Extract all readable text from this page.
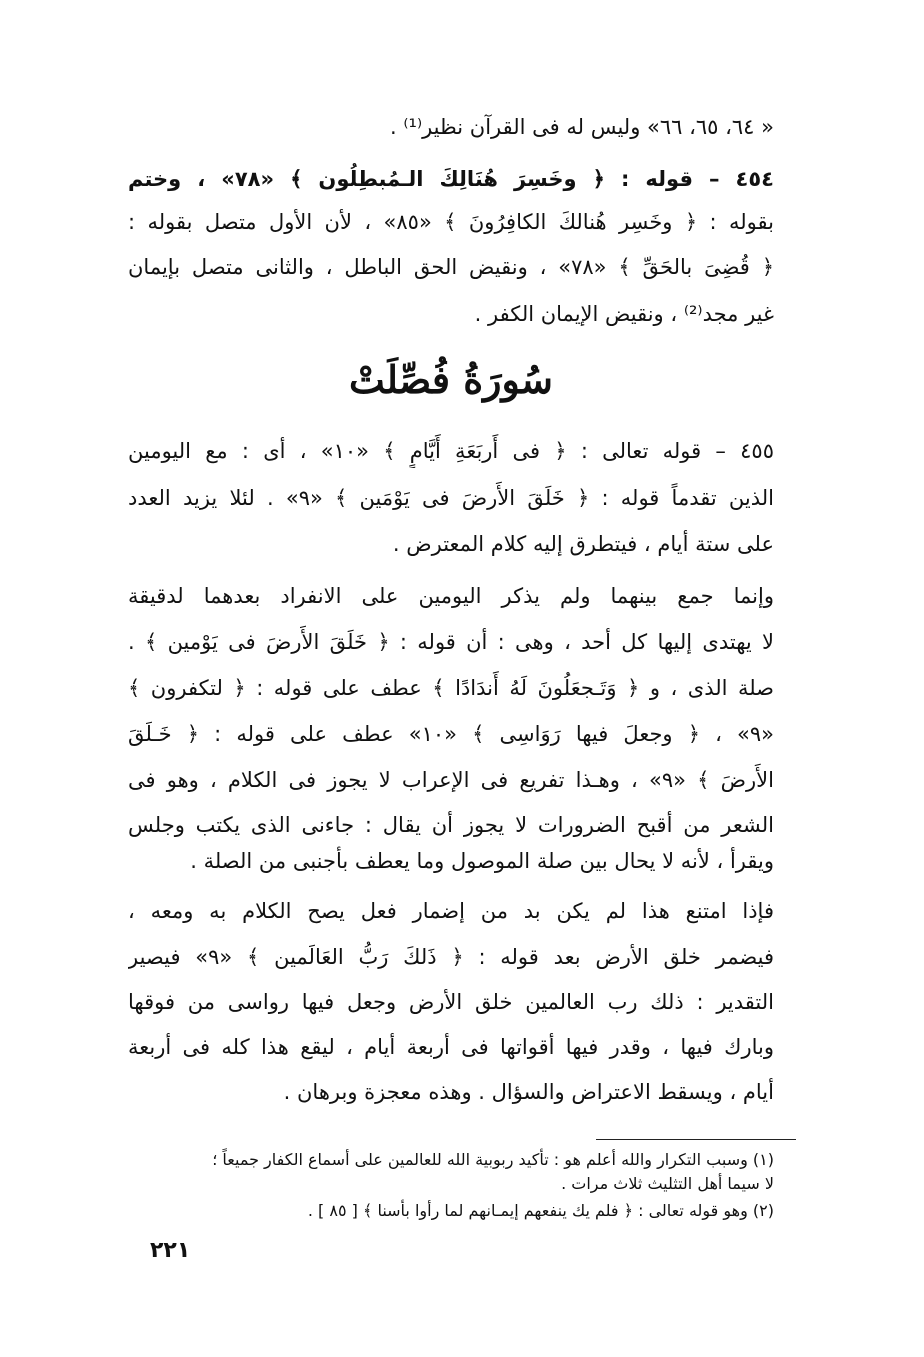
« ٦٤، ٦٥، ٦٦» وليس له فى القرآن نظير⁽¹⁾ .
٤٥٤ – قوله : ﴿ وخَسِرَ هُنَالِكَ الـمُبطِلُون ﴾ «٧٨» ، وختم
بقوله : ﴿ وخَسِر هُنالكَ الكافِرُونَ ﴾ «٨٥» ، لأن الأول متصل بقوله :
﴿ قُضِىَ بالحَقِّ ﴾ «٧٨» ، ونقيض الحق الباطل ، والثانى متصل بإيمان
غير مجد⁽²⁾ ، ونقيض الإيمان الكفر .
سُورَةُ فُصِّلَتْ
٤٥٥ – قوله تعالى : ﴿ فى أَربَعَةِ أَيَّامٍ ﴾ «١٠» ، أى : مع اليومين
الذين تقدماً قوله : ﴿ خَلَقَ الأَرضَ فى يَوْمَين ﴾ «٩» . لئلا يزيد العدد
على ستة أيام ، فيتطرق إليه كلام المعترض .
وإنما جمع بينهما ولم يذكر اليومين على الانفراد بعدهما لدقيقة
لا يهتدى إليها كل أحد ، وهى : أن قوله : ﴿ خَلَقَ الأَرضَ فى يَوْمين ﴾ .
صلة الذى ، و ﴿ وَتَـجعَلُونَ لَهُ أَندَادًا ﴾ عطف على قوله : ﴿ لتكفرون ﴾
«٩» ، ﴿ وجعلَ فيها رَوَاسِى ﴾ «١٠» عطف على قوله : ﴿ خَـلَقَ
الأَرضَ ﴾ «٩» ، وهـذا تفريع فى الإعراب لا يجوز فى الكلام ، وهو فى
الشعر من أقبح الضرورات لا يجوز أن يقال : جاءنى الذى يكتب وجلس
ويقرأ ، لأنه لا يحال بين صلة الموصول وما يعطف بأجنبى من الصلة .
فإذا امتنع هذا لم يكن بد من إضمار فعل يصح الكلام به ومعه ،
فيضمر خلق الأرض بعد قوله : ﴿ ذَلكَ رَبُّ العَالَمين ﴾ «٩» فيصير
التقدير : ذلك رب العالمين خلق الأرض وجعل فيها رواسى من فوقها
وبارك فيها ، وقدر فيها أقواتها فى أربعة أيام ، ليقع هذا كله فى أربعة
أيام ، ويسقط الاعتراض والسؤال . وهذه معجزة وبرهان .
(١) وسبب التكرار والله أعلم هو : تأكيد ربوبية الله للعالمين على أسماع الكفار جميعاً ؛
لا سيما أهل التثليث ثلاث مرات .
(٢) وهو قوله تعالى : ﴿ فلم يك ينفعهم إيمـانهم لما رأوا بأسنا ﴾ [ ٨٥ ] .
٢٢١
